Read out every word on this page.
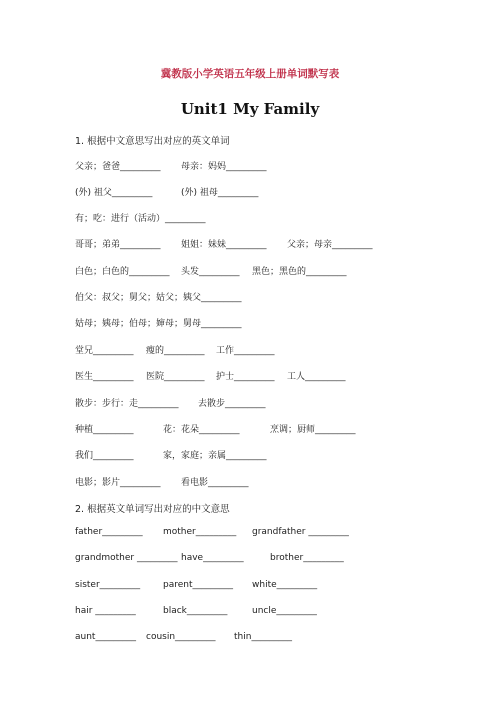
冀教版小学英语五年级上册单词默写表
Unit1 My Family
1. 根据中文意思写出对应的英文单词
父亲；爸爸_________ 母亲：妈妈_________
(外) 祖父_________	(外) 祖母_________
有；吃：进行（活动）_________
哥哥；弟弟_________ 姐姐：妹妹_________ 父亲；母亲_________
白色；白色的_________ 头发_________ 黑色；黑色的_________
伯父：叔父；舅父；姑父；姨父_________
姑母；姨母；伯母；婶母；舅母_________
堂兄_________ 瘦的_________ 工作_________
医生_________ 医院_________ 护士_________ 工人_________
散步：步行：走_________ 去散步_________
种植_________	花：花朵_________	烹调；厨师_________
我们_________	家，家庭；亲属_________
电影；影片_________ 看电影_________
2. 根据英文单词写出对应的中文意思
father_________ mother_________ grandfather _________
grandmother _________ have_________	brother_________
sister_________	parent_________ white_________
hair _________	black_________	uncle_________
aunt_________ cousin_________ thin_________
